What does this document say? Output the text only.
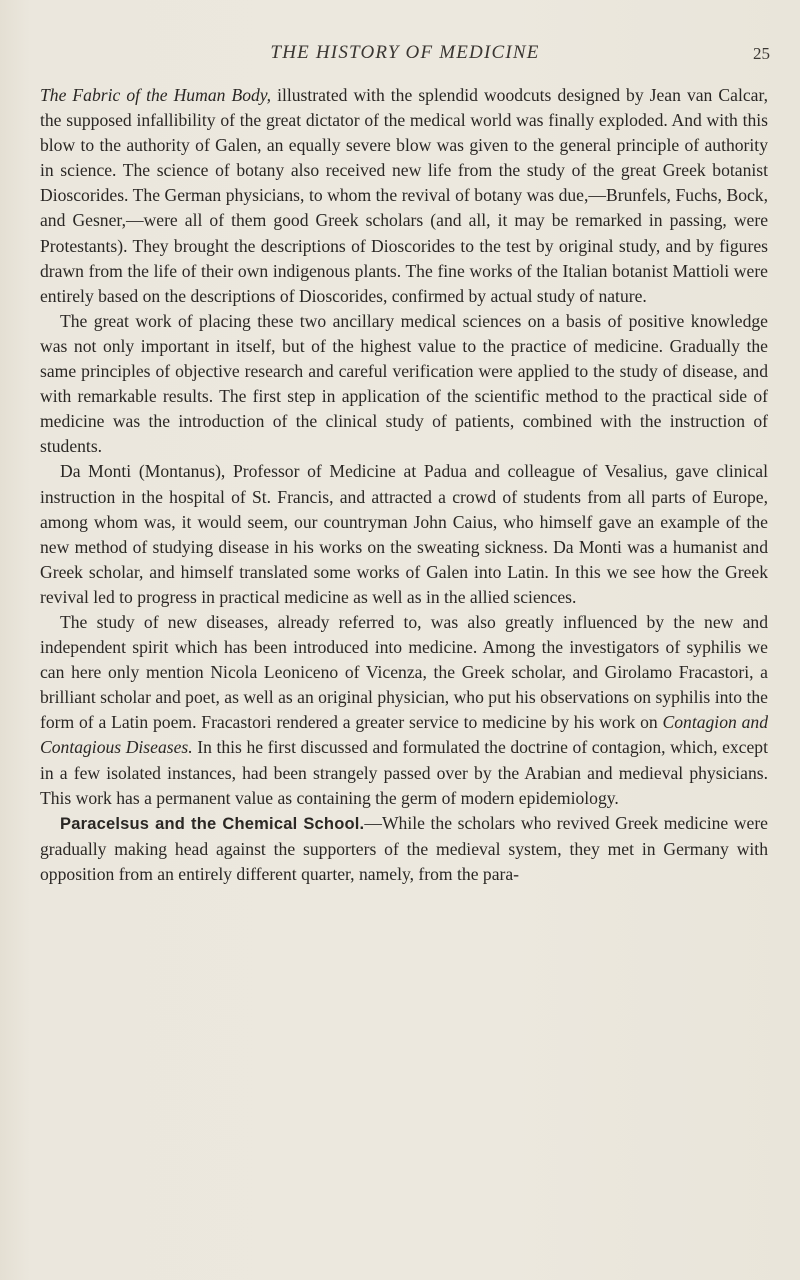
THE HISTORY OF MEDICINE	25

The Fabric of the Human Body, illustrated with the splendid woodcuts designed by Jean van Calcar, the supposed infallibility of the great dictator of the medical world was finally exploded. And with this blow to the authority of Galen, an equally severe blow was given to the general principle of authority in science. The science of botany also received new life from the study of the great Greek botanist Dioscorides. The German physicians, to whom the revival of botany was due,—Brunfels, Fuchs, Bock, and Gesner,—were all of them good Greek scholars (and all, it may be remarked in passing, were Protestants). They brought the descriptions of Dioscorides to the test by original study, and by figures drawn from the life of their own indigenous plants. The fine works of the Italian botanist Mattioli were entirely based on the descriptions of Dioscorides, confirmed by actual study of nature.

The great work of placing these two ancillary medical sciences on a basis of positive knowledge was not only important in itself, but of the highest value to the practice of medicine. Gradually the same principles of objective research and careful verification were applied to the study of disease, and with remarkable results. The first step in application of the scientific method to the practical side of medicine was the introduction of the clinical study of patients, combined with the instruction of students.

Da Monti (Montanus), Professor of Medicine at Padua and colleague of Vesalius, gave clinical instruction in the hospital of St. Francis, and attracted a crowd of students from all parts of Europe, among whom was, it would seem, our countryman John Caius, who himself gave an example of the new method of studying disease in his works on the sweating sickness. Da Monti was a humanist and Greek scholar, and himself translated some works of Galen into Latin. In this we see how the Greek revival led to progress in practical medicine as well as in the allied sciences.

The study of new diseases, already referred to, was also greatly influenced by the new and independent spirit which has been introduced into medicine. Among the investigators of syphilis we can here only mention Nicola Leoniceno of Vicenza, the Greek scholar, and Girolamo Fracastori, a brilliant scholar and poet, as well as an original physician, who put his observations on syphilis into the form of a Latin poem. Fracastori rendered a greater service to medicine by his work on Contagion and Contagious Diseases. In this he first discussed and formulated the doctrine of contagion, which, except in a few isolated instances, had been strangely passed over by the Arabian and medieval physicians. This work has a permanent value as containing the germ of modern epidemiology.

Paracelsus and the Chemical School.—While the scholars who revived Greek medicine were gradually making head against the supporters of the medieval system, they met in Germany with opposition from an entirely different quarter, namely, from the para-
